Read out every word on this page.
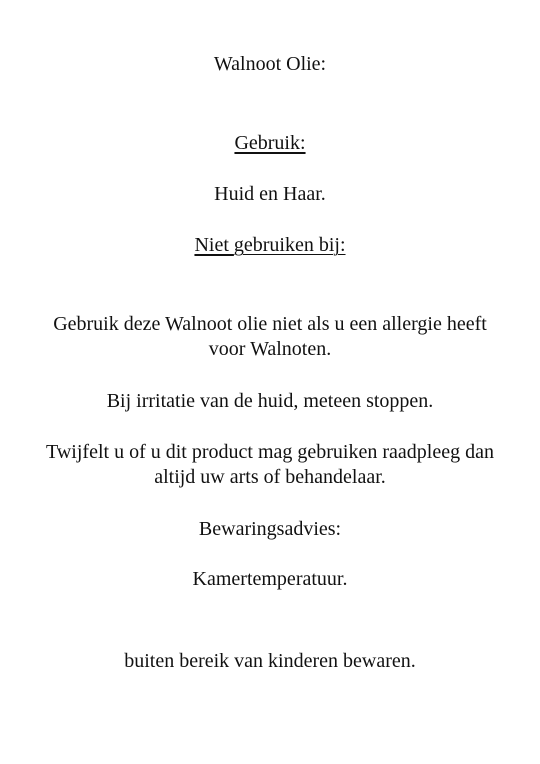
Walnoot Olie:
Gebruik:
Huid en Haar.
Niet gebruiken bij:
Gebruik deze Walnoot olie niet als u een allergie heeft
voor Walnoten.
Bij irritatie van de huid, meteen stoppen.
Twijfelt u of u dit product mag gebruiken raadpleeg dan
altijd uw arts of behandelaar.
Bewaringsadvies:
Kamertemperatuur.
buiten bereik van kinderen bewaren.
